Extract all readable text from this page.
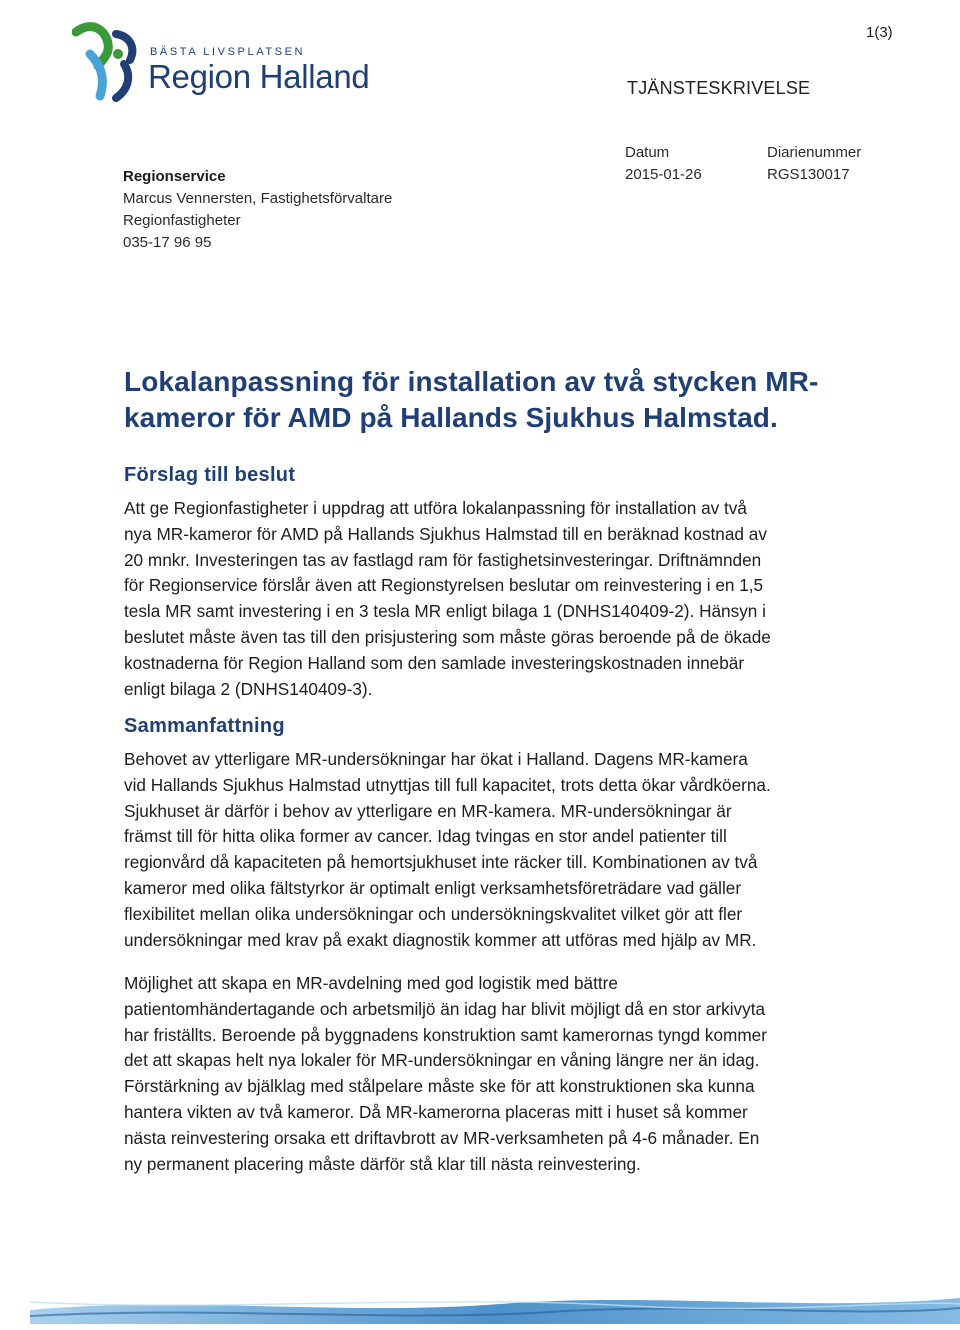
BÄSTA LIVSPLATSEN
Region Halland
1(3)
TJÄNSTESKRIVELSE
Regionservice
Marcus Vennersten, Fastighetsförvaltare
Regionfastigheter
035-17 96 95
Datum
2015-01-26
Diarienummer
RGS130017
Lokalanpassning för installation av två stycken MR-
kameror för AMD på Hallands Sjukhus Halmstad.
Förslag till beslut
Att ge Regionfastigheter i uppdrag att utföra lokalanpassning för installation av två
nya MR-kameror för AMD på Hallands Sjukhus Halmstad till en beräknad kostnad av
20 mnkr. Investeringen tas av fastlagd ram för fastighetsinvesteringar. Driftnämnden
för Regionservice förslår även att Regionstyrelsen beslutar om reinvestering i en 1,5
tesla MR samt investering i en 3 tesla MR enligt bilaga 1 (DNHS140409-2). Hänsyn i
beslutet måste även tas till den prisjustering som måste göras beroende på de ökade
kostnaderna för Region Halland som den samlade investeringskostnaden innebär
enligt bilaga 2 (DNHS140409-3).
Sammanfattning
Behovet av ytterligare MR-undersökningar har ökat i Halland. Dagens MR-kamera
vid Hallands Sjukhus Halmstad utnyttjas till full kapacitet, trots detta ökar vårdköerna.
Sjukhuset är därför i behov av ytterligare en MR-kamera. MR-undersökningar är
främst till för hitta olika former av cancer. Idag tvingas en stor andel patienter till
regionvård då kapaciteten på hemortsjukhuset inte räcker till. Kombinationen av två
kameror med olika fältstyrkor är optimalt enligt verksamhetsföreträdare vad gäller
flexibilitet mellan olika undersökningar och undersökningskvalitet vilket gör att fler
undersökningar med krav på exakt diagnostik kommer att utföras med hjälp av MR.
Möjlighet att skapa en MR-avdelning med god logistik med bättre
patientomhändertagande och arbetsmiljö än idag har blivit möjligt då en stor arkivyta
har friställts. Beroende på byggnadens konstruktion samt kamerornas tyngd kommer
det att skapas helt nya lokaler för MR-undersökningar en våning längre ner än idag.
Förstärkning av bjälklag med stålpelare måste ske för att konstruktionen ska kunna
hantera vikten av två kameror. Då MR-kamerorna placeras mitt i huset så kommer
nästa reinvestering orsaka ett driftavbrott av MR-verksamheten på 4-6 månader. En
ny permanent placering måste därför stå klar till nästa reinvestering.
